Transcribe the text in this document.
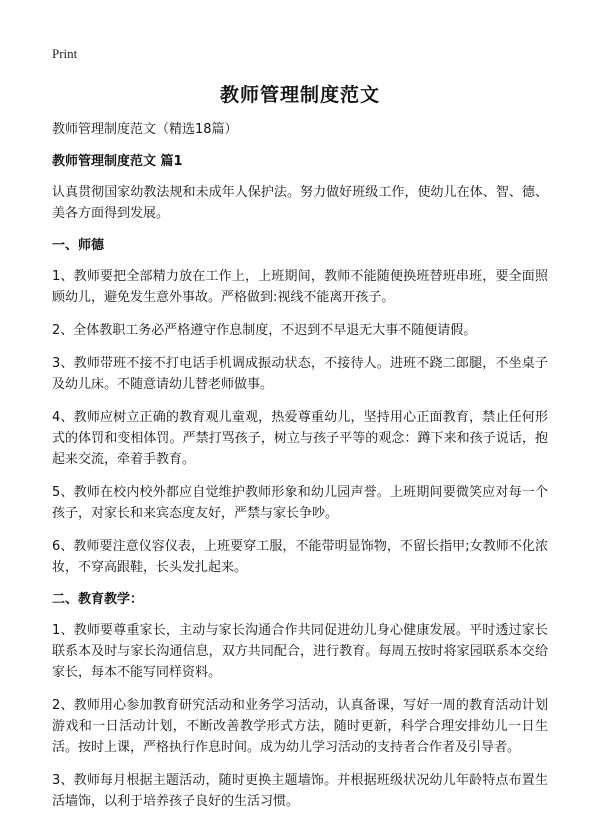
Print
教师管理制度范文

教师管理制度范文（精选18篇）

教师管理制度范文 篇1

认真贯彻国家幼教法规和未成年人保护法。努力做好班级工作，使幼儿在体、智、德、美各方面得到发展。

一、师德

1、教师要把全部精力放在工作上，上班期间，教师不能随便换班替班串班，要全面照顾幼儿，避免发生意外事故。严格做到:视线不能离开孩子。

2、全体教职工务必严格遵守作息制度，不迟到不早退无大事不随便请假。

3、教师带班不接不打电话手机调成振动状态，不接待人。进班不跷二郎腿，不坐桌子及幼儿床。不随意请幼儿替老师做事。

4、教师应树立正确的教育观儿童观，热爱尊重幼儿，坚持用心正面教育，禁止任何形式的体罚和变相体罚。严禁打骂孩子，树立与孩子平等的观念：蹲下来和孩子说话，抱起来交流，牵着手教育。

5、教师在校内校外都应自觉维护教师形象和幼儿园声誉。上班期间要微笑应对每一个孩子，对家长和来宾态度友好，严禁与家长争吵。

6、教师要注意仪容仪表，上班要穿工服，不能带明显饰物，不留长指甲;女教师不化浓妆，不穿高跟鞋，长头发扎起来。

二、教育教学：

1、教师要尊重家长，主动与家长沟通合作共同促进幼儿身心健康发展。平时透过家长联系本及时与家长沟通信息，双方共同配合，进行教育。每周五按时将家园联系本交给家长，每本不能写同样资料。

2、教师用心参加教育研究活动和业务学习活动，认真备课，写好一周的教育活动计划游戏和一日活动计划，不断改善教学形式方法，随时更新，科学合理安排幼儿一日生活。按时上课，严格执行作息时间。成为幼儿学习活动的支持者合作者及引导者。

3、教师每月根据主题活动，随时更换主题墙饰。并根据班级状况幼儿年龄特点布置生活墙饰，以利于培养孩子良好的生活习惯。
